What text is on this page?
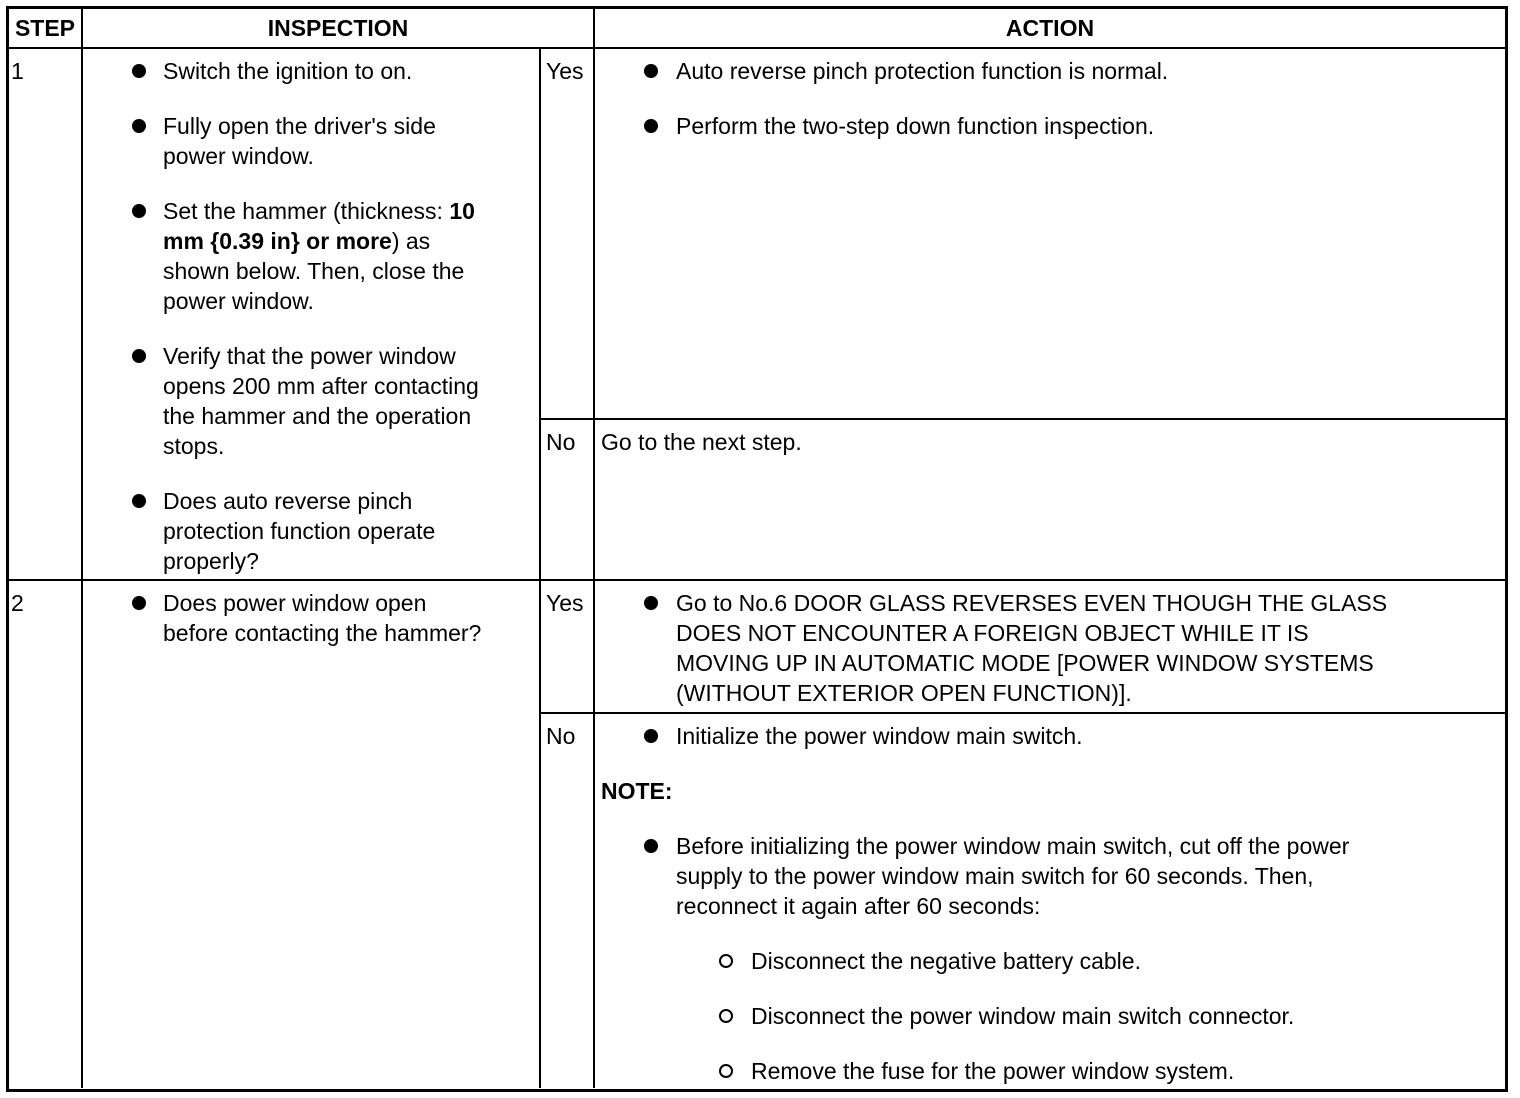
STEP	INSPECTION	ACTION
1	Switch the ignition to on.
Fully open the driver's side
power window.
Set the hammer (thickness: 10
mm {0.39 in} or more) as
shown below. Then, close the
power window.
Verify that the power window
opens 200 mm after contacting
the hammer and the operation
stops.
Does auto reverse pinch
protection function operate
properly?
Yes	Auto reverse pinch protection function is normal.
Perform the two-step down function inspection.
No Go to the next step.
2	Does power window open
before contacting the hammer?
Yes	Go to No.6 DOOR GLASS REVERSES EVEN THOUGH THE GLASS
DOES NOT ENCOUNTER A FOREIGN OBJECT WHILE IT IS
MOVING UP IN AUTOMATIC MODE [POWER WINDOW SYSTEMS
(WITHOUT EXTERIOR OPEN FUNCTION)].
No	Initialize the power window main switch.
NOTE:
Before initializing the power window main switch, cut off the power
supply to the power window main switch for 60 seconds. Then,
reconnect it again after 60 seconds:
Disconnect the negative battery cable.
Disconnect the power window main switch connector.
Remove the fuse for the power window system.
